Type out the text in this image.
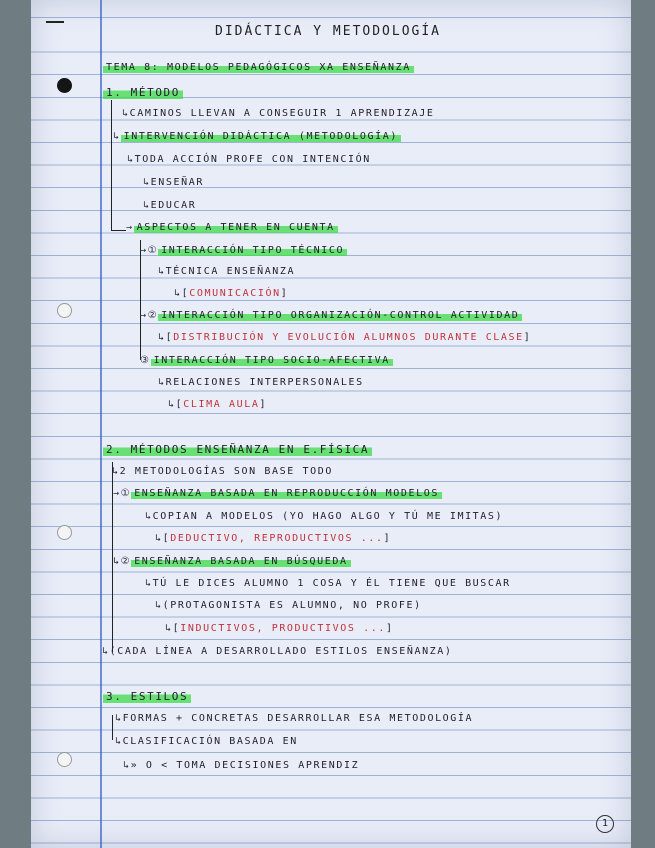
DIDÁCTICA Y METODOLOGÍA
TEMA 8: MODELOS PEDAGÓGICOS XA ENSEÑANZA
1. MÉTODO
↳CAMINOS LLEVAN A CONSEGUIR 1 APRENDIZAJE
↳ INTERVENCIÓN DIDÁCTICA (METODOLOGÍA)
↳TODA ACCIÓN PROFE CON INTENCIÓN
↳ENSEÑAR
↳EDUCAR
→ ASPECTOS A TENER EN CUENTA
→① INTERACCIÓN TIPO TÉCNICO
↳TÉCNICA ENSEÑANZA
↳[COMUNICACIÓN]
→② INTERACCIÓN TIPO ORGANIZACIÓN-CONTROL ACTIVIDAD
↳[DISTRIBUCIÓN Y EVOLUCIÓN ALUMNOS DURANTE CLASE]
③ INTERACCIÓN TIPO SOCIO-AFECTIVA
↳RELACIONES INTERPERSONALES
↳[CLIMA AULA]
2. MÉTODOS ENSEÑANZA EN E.FÍSICA
↳2 METODOLOGÍAS SON BASE TODO
→① ENSEÑANZA BASADA EN REPRODUCCIÓN MODELOS
↳COPIAN A MODELOS (YO HAGO ALGO Y TÚ ME IMITAS)
↳[DEDUCTIVO, REPRODUCTIVOS ...]
↳② ENSEÑANZA BASADA EN BÚSQUEDA
↳TÚ LE DICES ALUMNO 1 COSA Y ÉL TIENE QUE BUSCAR
↳(PROTAGONISTA ES ALUMNO, NO PROFE)
↳[INDUCTIVOS, PRODUCTIVOS ...]
↳(CADA LÍNEA A DESARROLLADO ESTILOS ENSEÑANZA)
3. ESTILOS
↳FORMAS + CONCRETAS DESARROLLAR ESA METODOLOGÍA
↳CLASIFICACIÓN BASADA EN
↳» O < TOMA DECISIONES APRENDIZ
1
